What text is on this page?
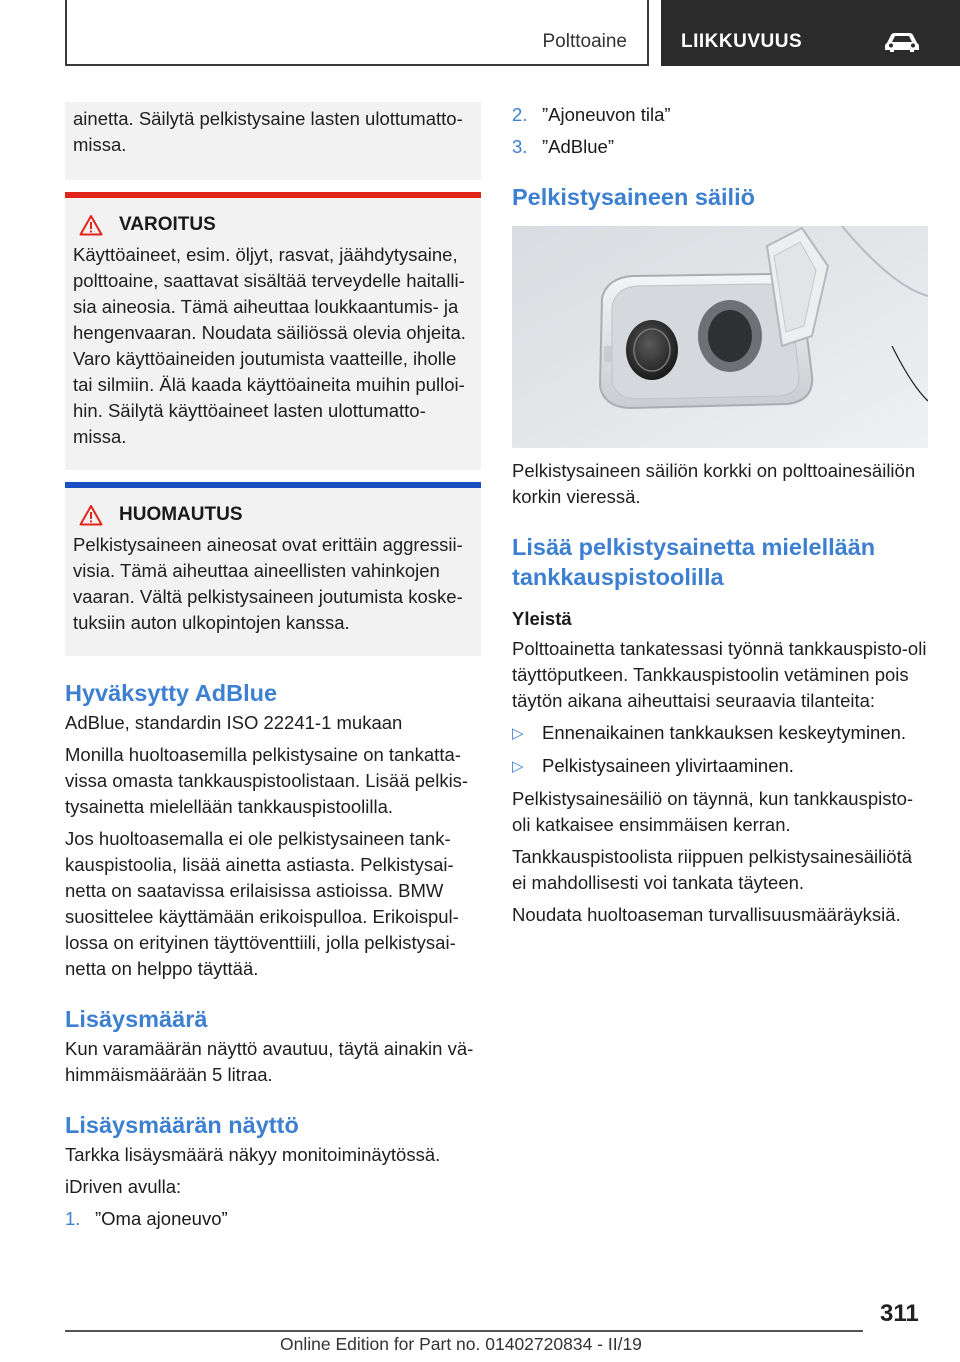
Polttoaine	LIIKKUVUUS

ainetta. Säilytä pelkistysaine lasten ulottumatto-missa.

VAROITUS

Käyttöaineet, esim. öljyt, rasvat, jäähdytysaine, polttoaine, saattavat sisältää terveydelle haitalli-sia aineosia. Tämä aiheuttaa loukkaantumis- ja hengenvaaran. Noudata säiliössä olevia ohjeita. Varo käyttöaineiden joutumista vaatteille, iholle tai silmiin. Älä kaada käyttöaineita muihin pulloi-hin. Säilytä käyttöaineet lasten ulottumatto-missa.

HUOMAUTUS

Pelkistysaineen aineosat ovat erittäin aggressii-visia. Tämä aiheuttaa aineellisten vahinkojen vaaran. Vältä pelkistysaineen joutumista koske-tuksiin auton ulkopintojen kanssa.

Hyväksytty AdBlue

AdBlue, standardin ISO 22241-1 mukaan

Monilla huoltoasemilla pelkistysaine on tankatta-vissa omasta tankkauspistoolistaan. Lisää pelkis-tysainetta mielellään tankkauspistoolilla.

Jos huoltoasemalla ei ole pelkistysaineen tank-kauspistoolia, lisää ainetta astiasta. Pelkistysai-netta on saatavissa erilaisissa astioissa. BMW suosittelee käyttämään erikoispulloa. Erikoispul-lossa on erityinen täyttöventtiili, jolla pelkistysai-netta on helppo täyttää.

Lisäysmäärä

Kun varamäärän näyttö avautuu, täytä ainakin vä-himmäismäärään 5 litraa.

Lisäysmäärän näyttö

Tarkka lisäysmäärä näkyy monitoiminäytössä.

iDriven avulla:

1. ”Oma ajoneuvo”
2. ”Ajoneuvon tila”
3. ”AdBlue”
Pelkistysaineen säiliö

Pelkistysaineen säiliön korkki on polttoainesäiliön korkin vieressä.

Lisää pelkistysainetta mielellään tankkauspistoolilla
Yleistä

Polttoainetta tankatessasi työnnä tankkauspisto-oli täyttöputkeen. Tankkauspistoolin vetäminen pois täytön aikana aiheuttaisi seuraavia tilanteita:

▷ Ennenaikainen tankkauksen keskeytyminen.
▷ Pelkistysaineen ylivirtaaminen.

Pelkistysainesäiliö on täynnä, kun tankkauspisto-oli katkaisee ensimmäisen kerran.

Tankkauspistoolista riippuen pelkistysainesäiliötä ei mahdollisesti voi tankata täyteen.

Noudata huoltoaseman turvallisuusmääräyksiä.

311
Online Edition for Part no. 01402720834 - II/19
